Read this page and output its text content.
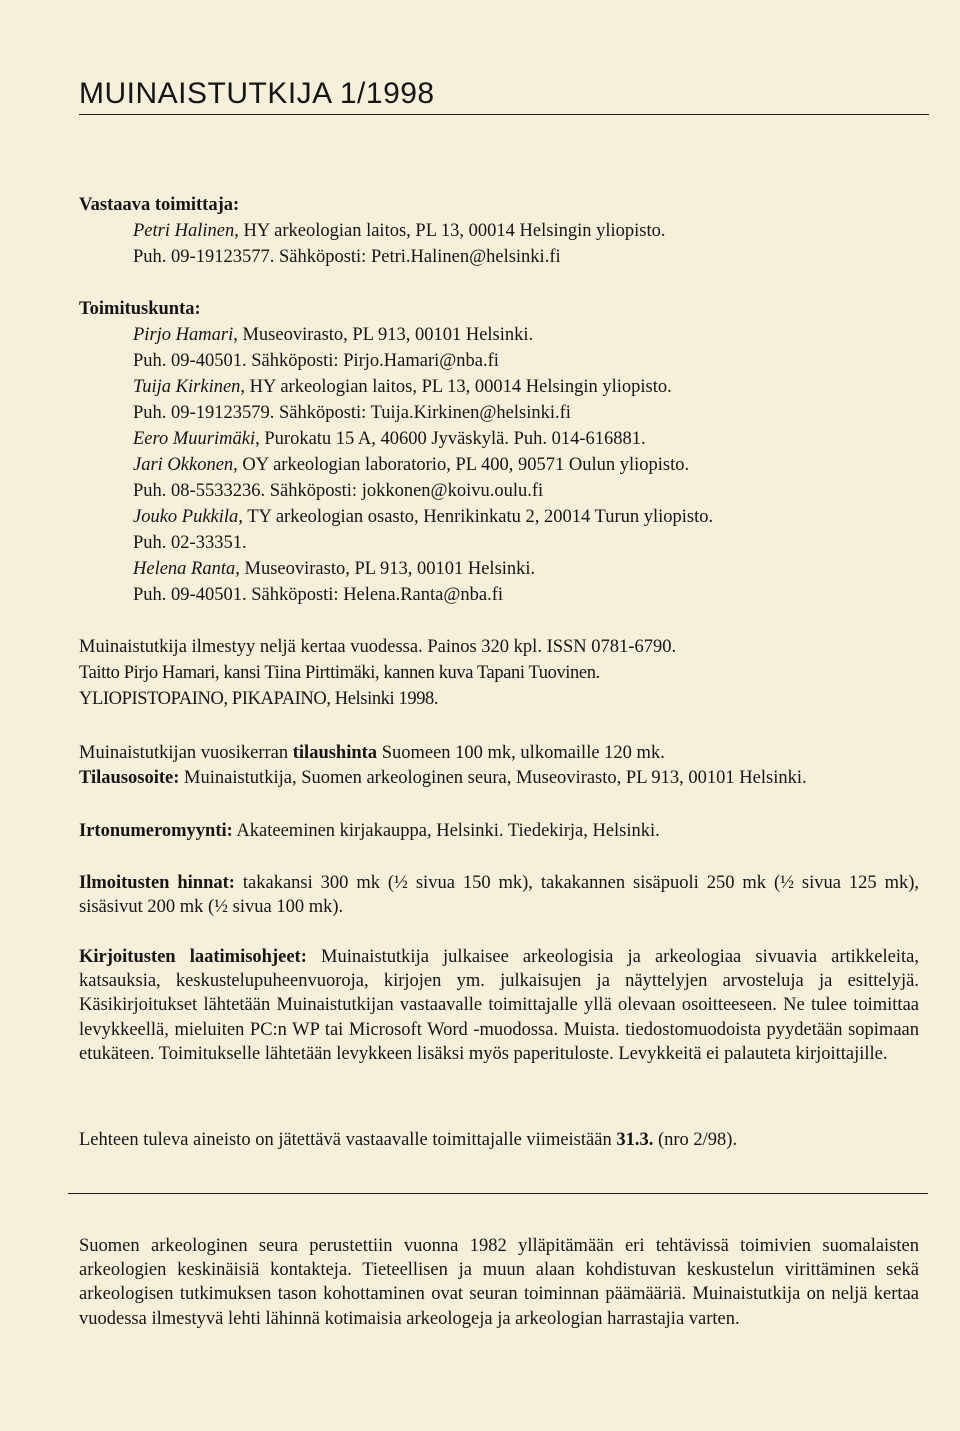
MUINAISTUTKIJA 1/1998
Vastaava toimittaja:
Petri Halinen, HY arkeologian laitos, PL 13, 00014 Helsingin yliopisto.
Puh. 09-19123577. Sähköposti: Petri.Halinen@helsinki.fi
Toimituskunta:
Pirjo Hamari, Museovirasto, PL 913, 00101 Helsinki.
Puh. 09-40501. Sähköposti: Pirjo.Hamari@nba.fi
Tuija Kirkinen, HY arkeologian laitos, PL 13, 00014 Helsingin yliopisto.
Puh. 09-19123579. Sähköposti: Tuija.Kirkinen@helsinki.fi
Eero Muurimäki, Purokatu 15 A, 40600 Jyväskylä. Puh. 014-616881.
Jari Okkonen, OY arkeologian laboratorio, PL 400, 90571 Oulun yliopisto.
Puh. 08-5533236. Sähköposti: jokkonen@koivu.oulu.fi
Jouko Pukkila, TY arkeologian osasto, Henrikinkatu 2, 20014 Turun yliopisto.
Puh. 02-33351.
Helena Ranta, Museovirasto, PL 913, 00101 Helsinki.
Puh. 09-40501. Sähköposti: Helena.Ranta@nba.fi
Muinaistutkija ilmestyy neljä kertaa vuodessa. Painos 320 kpl. ISSN 0781-6790.
Taitto Pirjo Hamari, kansi Tiina Pirttimäki, kannen kuva Tapani Tuovinen.
YLIOPISTOPAINO, PIKAPAINO, Helsinki 1998.
Muinaistutkijan vuosikerran tilaushinta Suomeen 100 mk, ulkomaille 120 mk.
Tilausosoite: Muinaistutkija, Suomen arkeologinen seura, Museovirasto, PL 913, 00101 Helsinki.
Irtonumeromyynti: Akateeminen kirjakauppa, Helsinki. Tiedekirja, Helsinki.
Ilmoitusten hinnat: takakansi 300 mk (½ sivua 150 mk), takakannen sisäpuoli 250 mk (½ sivua 125 mk), sisäsivut 200 mk (½ sivua 100 mk).
Kirjoitusten laatimisohjeet: Muinaistutkija julkaisee arkeologisia ja arkeologiaa sivuavia artikkeleita, katsauksia, keskustelupuheenvuoroja, kirjojen ym. julkaisujen ja näyttelyjen arvosteluja ja esittelyjä. Käsikirjoitukset lähtetään Muinaistutkijan vastaavalle toimittajalle yllä olevaan osoitteeseen. Ne tulee toimittaa levykkeellä, mieluiten PC:n WP tai Microsoft Word -muodossa. Muista. tiedostomuodoista pyydetään sopimaan etukäteen. Toimitukselle lähtetään levykkeen lisäksi myös paperituloste. Levykkeitä ei palauteta kirjoittajille.
Lehteen tuleva aineisto on jätettävä vastaavalle toimittajalle viimeistään 31.3. (nro 2/98).
Suomen arkeologinen seura perustettiin vuonna 1982 ylläpitämään eri tehtävissä toimivien suomalaisten arkeologien keskinäisiä kontakteja. Tieteellisen ja muun alaan kohdistuvan keskustelun virittäminen sekä arkeologisen tutkimuksen tason kohottaminen ovat seuran toiminnan päämääriä. Muinaistutkija on neljä kertaa vuodessa ilmestyvä lehti lähinnä kotimaisia arkeologeja ja arkeologian harrastajia varten.
